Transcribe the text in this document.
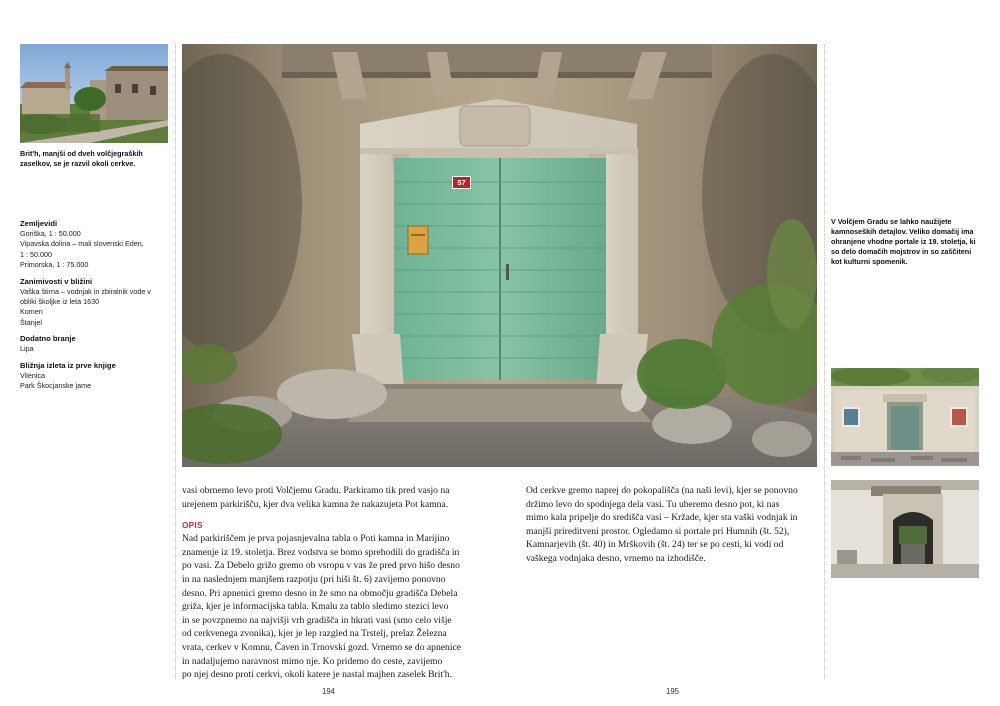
Brit'h, manjši od dveh volčjegraških zaselkov, se je razvil okoli cerkve.
Zemljevidi
Goriška, 1 : 50.000
Vipavska dolina – mali slovenski Eden,
1 : 50.000
Primorska, 1 : 75.000
Zanimivosti v bližini
Vaška štirna – vodnjak in zbiralnik vode v
obliki školjke iz leta 1630
Komen
Štanjel
Dodatno branje
Lipa
Bližnja izleta iz prve knjige
Vilenica
Park Škocjanske jame
57
V Volčjem Gradu se lahko naužijete kamnoseških detajlov. Veliko domačij ima ohranjene vhodne portale iz 19. stoletja, ki so delo domačih mojstrov in so zaščiteni kot kulturni spomenik.
vasi obrnemo levo proti Volčjemu Gradu. Parkiramo tik pred vasjo na
urejenem parkirišču, kjer dva velika kamna že nakazujeta Pot kamna.
OPIS
Nad parkiriščem je prva pojasnjevalna tabla o Poti kamna in Marijino
znamenje iz 19. stoletja. Brez vodstva se bomo sprehodili do gradišča in
po vasi. Za Debelo grižo gremo ob vsropu v vas že pred prvo hišo desno
in na naslednjem manjšem razpotju (pri hiši št. 6) zavijemo ponovno
desno. Pri apnenici gremo desno in že smo na območju gradišča Debela
griža, kjer je informacijska tabla. Kmalu za tablo sledimo stezici levo
in se povzpnemo na najvišji vrh gradišča in hkrati vasi (smo celo višje
od cerkvenega zvonika), kjer je lep razgled na Trstelj, prelaz Železna
vrata, cerkev v Komnu, Čaven in Trnovski gozd. Vrnemo se do apnenice
in nadaljujemo naravnost mimo nje. Ko pridemo do ceste, zavijemo
po njej desno proti cerkvi, okoli katere je nastal majhen zaselek Brit'h.
Od cerkve gremo naprej do pokopališča (na naši levi), kjer se ponovno
držimo levo do spodnjega dela vasi. Tu uberemo desno pot, ki nas
mimo kala pripelje do središča vasi – Kržade, kjer sta vaški vodnjak in
manjši prireditveni prostor. Ogledamo si portale pri Humnih (št. 52),
Kamnarjevih (št. 40) in Mrškovih (št. 24) ter se po cesti, ki vodi od
vaškega vodnjaka desno, vrnemo na izhodišče.
194	195
